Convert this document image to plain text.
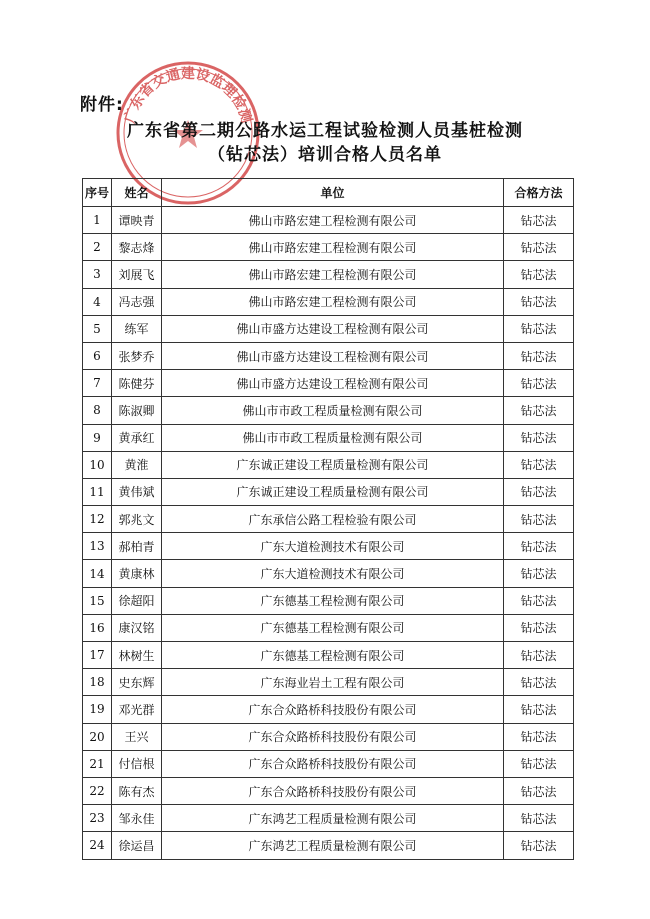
广东省交通建设监理检测
附件:
广东省第二期公路水运工程试验检测人员基桩检测
（钻芯法）培训合格人员名单
序号	姓名	单位	合格方法
1	谭映青	佛山市路宏建工程检测有限公司	钻芯法
2	黎志烽	佛山市路宏建工程检测有限公司	钻芯法
3	刘展飞	佛山市路宏建工程检测有限公司	钻芯法
4	冯志强	佛山市路宏建工程检测有限公司	钻芯法
5	练军	佛山市盛方达建设工程检测有限公司	钻芯法
6	张梦乔	佛山市盛方达建设工程检测有限公司	钻芯法
7	陈健芬	佛山市盛方达建设工程检测有限公司	钻芯法
8	陈淑卿	佛山市市政工程质量检测有限公司	钻芯法
9	黄承红	佛山市市政工程质量检测有限公司	钻芯法
10	黄淮	广东诚正建设工程质量检测有限公司	钻芯法
11	黄伟斌	广东诚正建设工程质量检测有限公司	钻芯法
12	郭兆文	广东承信公路工程检验有限公司	钻芯法
13	郝柏青	广东大道检测技术有限公司	钻芯法
14	黄康林	广东大道检测技术有限公司	钻芯法
15	徐超阳	广东德基工程检测有限公司	钻芯法
16	康汉铭	广东德基工程检测有限公司	钻芯法
17	林树生	广东德基工程检测有限公司	钻芯法
18	史东辉	广东海业岩土工程有限公司	钻芯法
19	邓光群	广东合众路桥科技股份有限公司	钻芯法
20	王兴	广东合众路桥科技股份有限公司	钻芯法
21	付信根	广东合众路桥科技股份有限公司	钻芯法
22	陈有杰	广东合众路桥科技股份有限公司	钻芯法
23	邹永佳	广东鸿艺工程质量检测有限公司	钻芯法
24	徐运昌	广东鸿艺工程质量检测有限公司	钻芯法
